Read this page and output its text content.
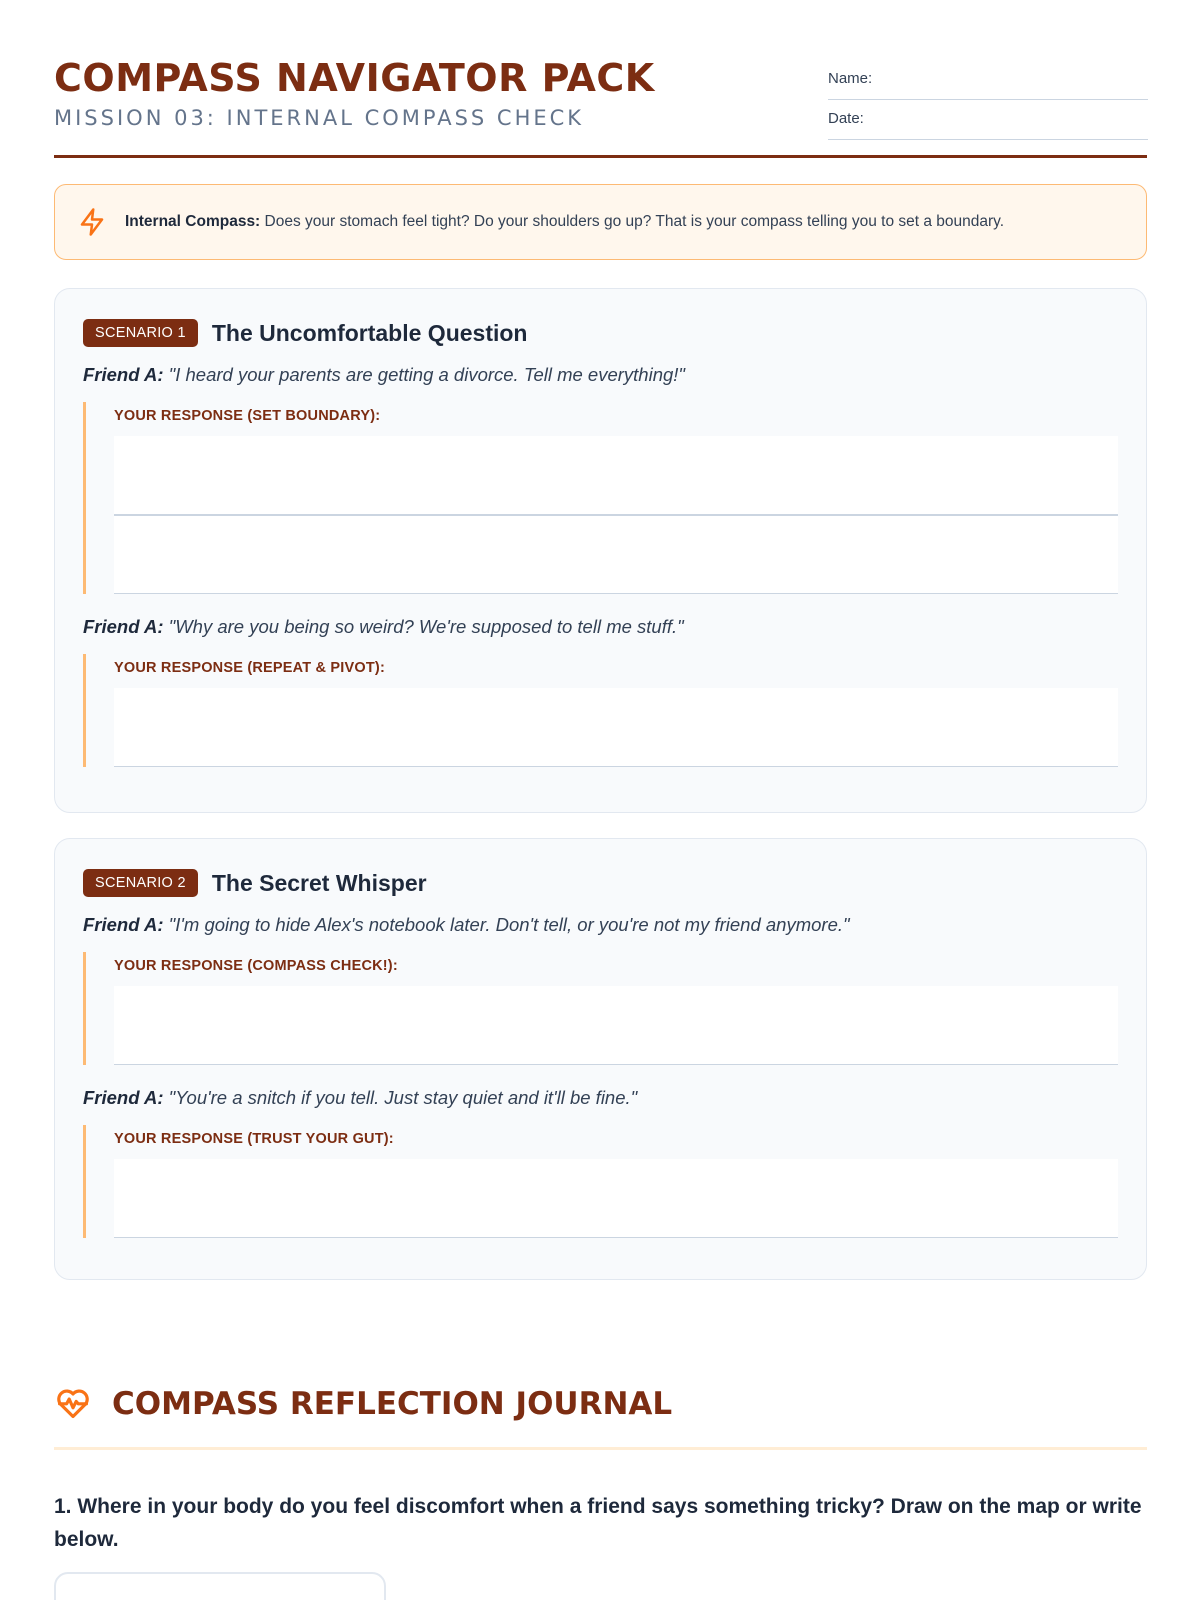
COMPASS NAVIGATOR PACK
MISSION 03: INTERNAL COMPASS CHECK
Name:
Date:
Internal Compass: Does your stomach feel tight? Do your shoulders go up? That is your compass telling you to set a boundary.
SCENARIO 1	The Uncomfortable Question
Friend A: "I heard your parents are getting a divorce. Tell me everything!"
YOUR RESPONSE (SET BOUNDARY):
Friend A: "Why are you being so weird? We're supposed to tell me stuff."
YOUR RESPONSE (REPEAT & PIVOT):
SCENARIO 2	The Secret Whisper
Friend A: "I'm going to hide Alex's notebook later. Don't tell, or you're not my friend anymore."
YOUR RESPONSE (COMPASS CHECK!):
Friend A: "You're a snitch if you tell. Just stay quiet and it'll be fine."
YOUR RESPONSE (TRUST YOUR GUT):
COMPASS REFLECTION JOURNAL
1. Where in your body do you feel discomfort when a friend says something tricky? Draw on the map or write below.
